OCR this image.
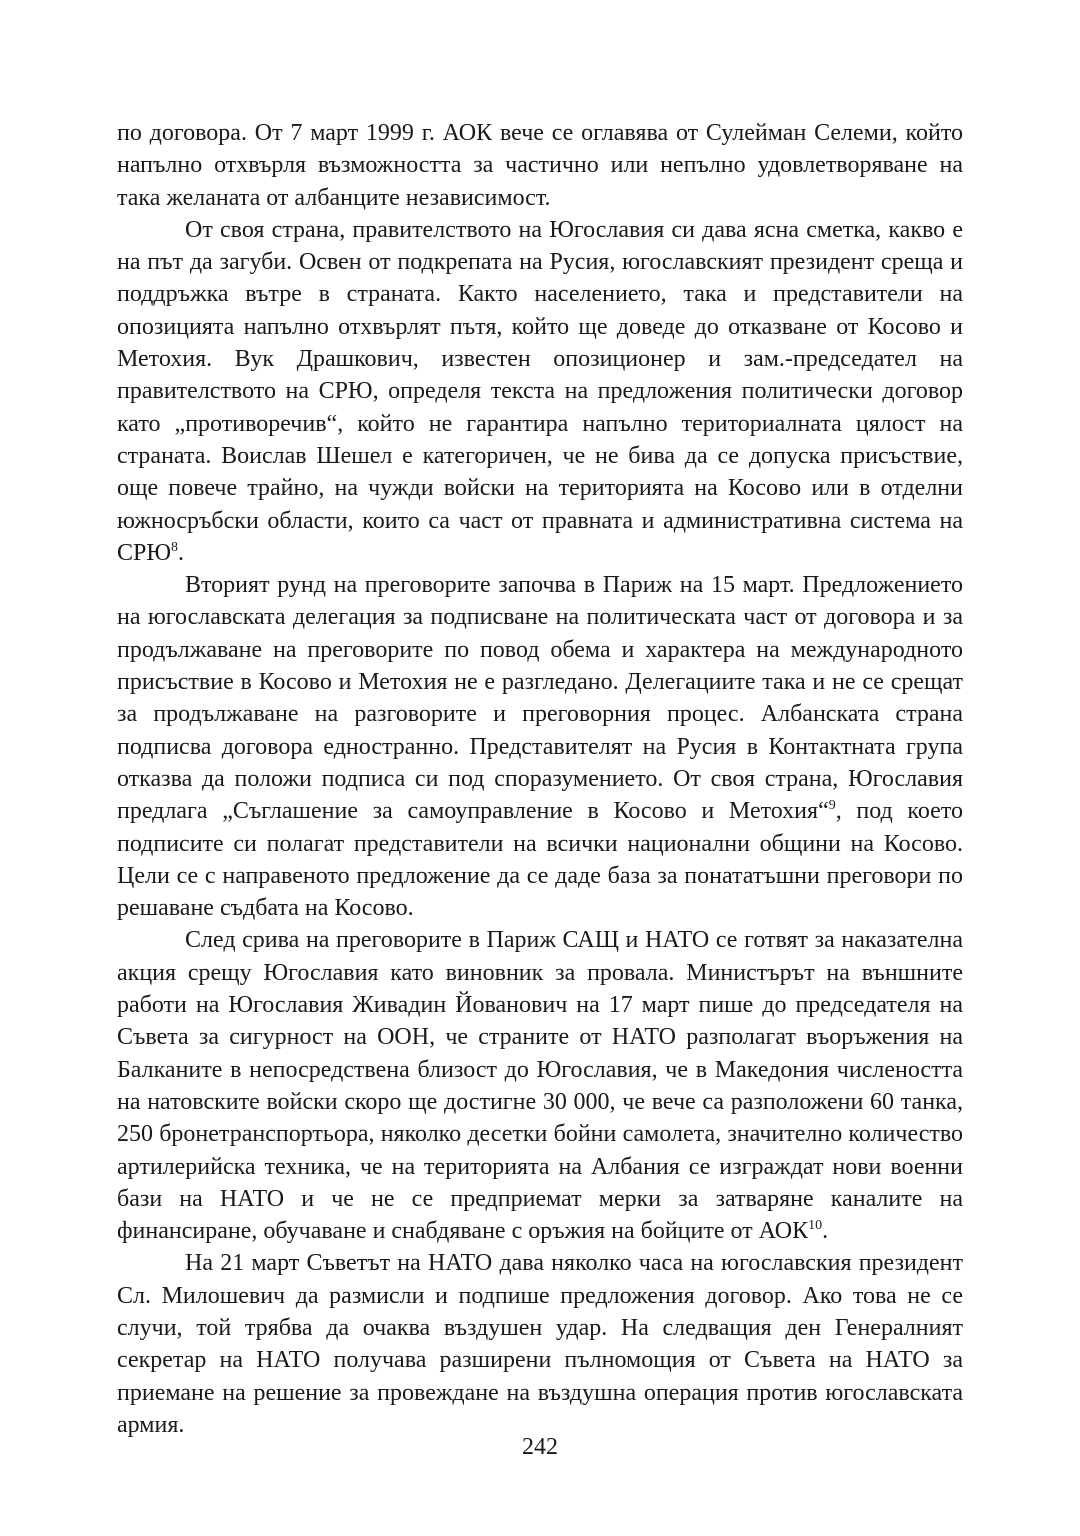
по договора. От 7 март 1999 г. АОК вече се оглавява от Сулейман Селеми, който напълно отхвърля възможността за частично или непълно удовлетворяване на така желаната от албанците независимост.

От своя страна, правителството на Югославия си дава ясна сметка, какво е на път да загуби. Освен от подкрепата на Русия, югославският президент среща и поддръжка вътре в страната. Както населението, така и представители на опозицията напълно отхвърлят пътя, който ще доведе до отказване от Косово и Метохия. Вук Драшкович, известен опозиционер и зам.-председател на правителството на СРЮ, определя текста на предложения политически договор като „противоречив“, който не гарантира напълно териториалната цялост на страната. Воислав Шешел е категоричен, че не бива да се допуска присъствие, още повече трайно, на чужди войски на територията на Косово или в отделни южносръбски области, които са част от правната и административна система на СРЮ$^8$.

Вторият рунд на преговорите започва в Париж на 15 март. Предложението на югославската делегация за подписване на политическата част от договора и за продължаване на преговорите по повод обема и характера на международното присъствие в Косово и Метохия не е разгледано. Делегациите така и не се срещат за продължаване на разговорите и преговорния процес. Албанската страна подписва договора едностранно. Представителят на Русия в Контактната група отказва да положи подписа си под споразумението. От своя страна, Югославия предлага „Съглашение за самоуправление в Косово и Метохия“$^9$, под което подписите си полагат представители на всички национални общини на Косово. Цели се с направеното предложение да се даде база за понататъшни преговори по решаване съдбата на Косово.

След срива на преговорите в Париж САЩ и НАТО се готвят за наказателна акция срещу Югославия като виновник за провала. Министърът на външните работи на Югославия Живадин Йованович на 17 март пише до председателя на Съвета за сигурност на ООН, че страните от НАТО разполагат въоръжения на Балканите в непосредствена близост до Югославия, че в Македония числеността на натовските войски скоро ще достигне 30 000, че вече са разположени 60 танка, 250 бронетранспортьора, няколко десетки бойни самолета, значително количество артилерийска техника, че на територията на Албания се изграждат нови военни бази на НАТО и че не се предприемат мерки за затваряне каналите на финансиране, обучаване и снабдяване с оръжия на бойците от АОК$^{10}$.

На 21 март Съветът на НАТО дава няколко часа на югославския президент Сл. Милошевич да размисли и подпише предложения договор. Ако това не се случи, той трябва да очаква въздушен удар. На следващия ден Генералният секретар на НАТО получава разширени пълномощия от Съвета на НАТО за приемане на решение за провеждане на въздушна операция против югославската армия.

242
